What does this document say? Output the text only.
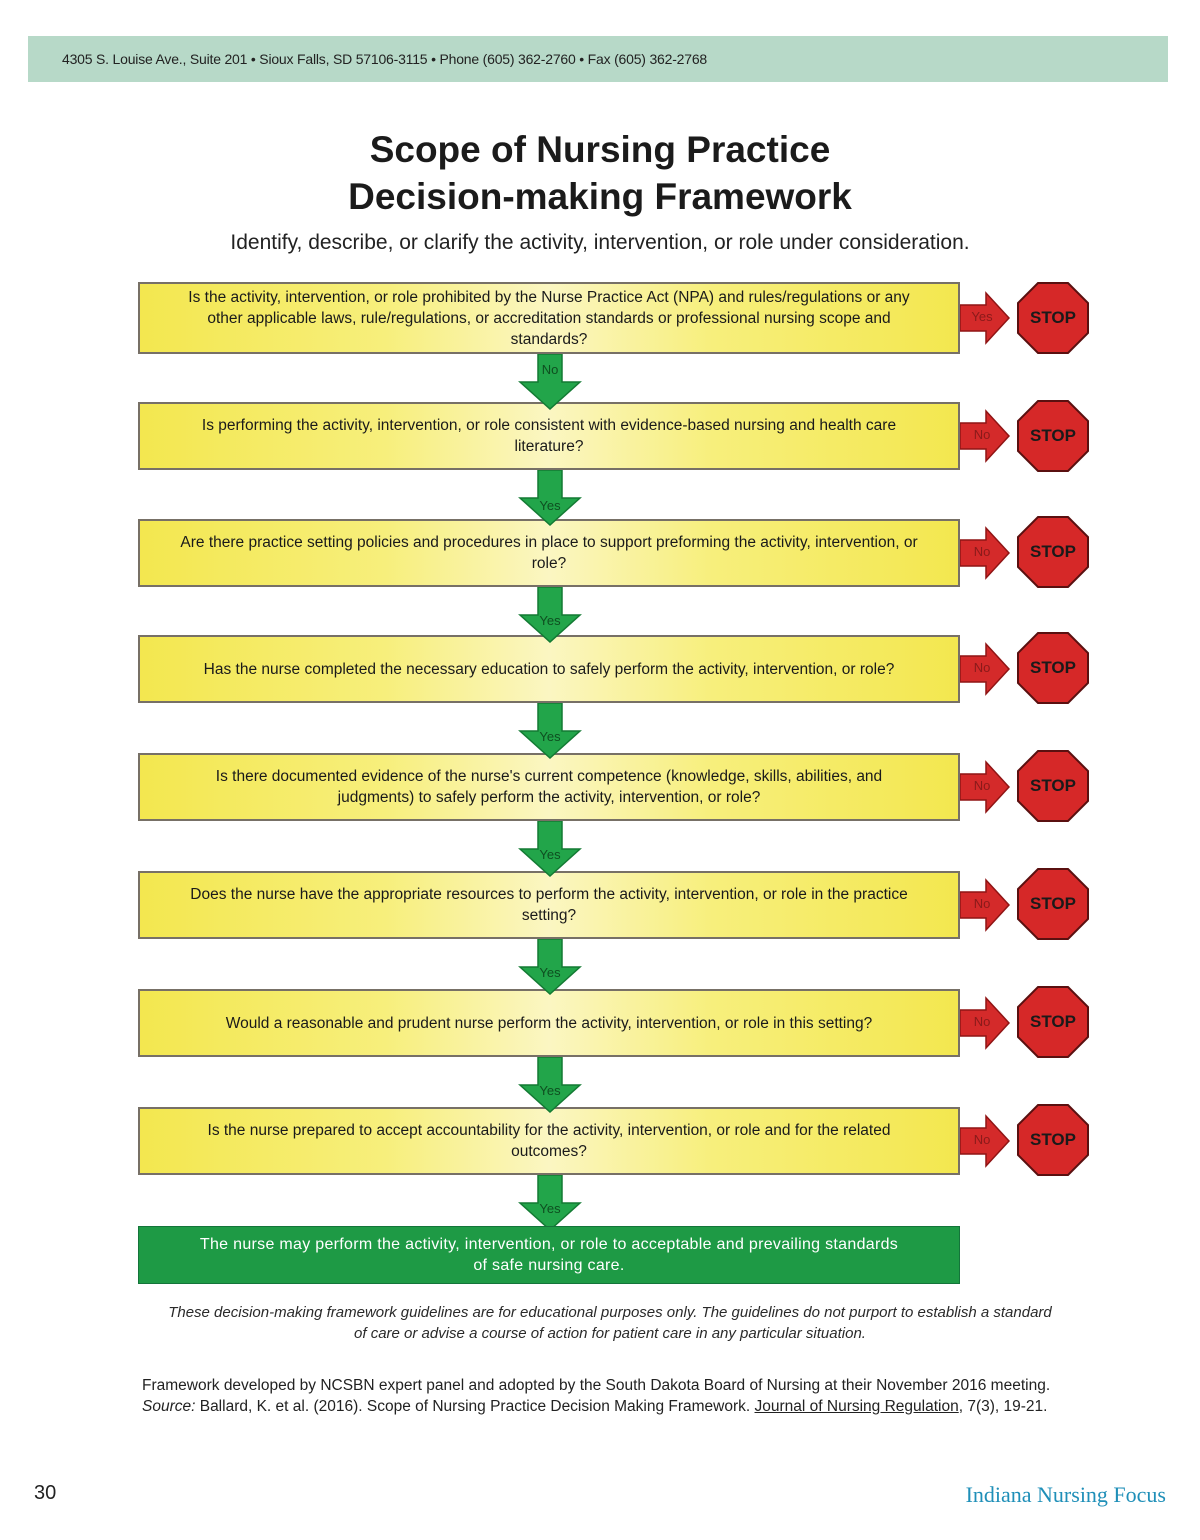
4305 S. Louise Ave., Suite 201 • Sioux Falls, SD 57106-3115 • Phone (605) 362-2760 • Fax (605) 362-2768
Scope of Nursing Practice
Decision-making Framework
Identify, describe, or clarify the activity, intervention, or role under consideration.
Is the activity, intervention, or role prohibited by the Nurse Practice Act (NPA) and rules/regulations or any other applicable laws, rule/regulations, or accreditation standards or professional nursing scope and standards?
Is performing the activity, intervention, or role consistent with evidence-based nursing and health care literature?
Are there practice setting policies and procedures in place to support preforming the activity, intervention, or role?
Has the nurse completed the necessary education to safely perform the activity, intervention, or role?
Is there documented evidence of the nurse's current competence (knowledge, skills, abilities, and judgments) to safely perform the activity, intervention, or role?
Does the nurse have the appropriate resources to perform the activity, intervention, or role in the practice setting?
Would a reasonable and prudent nurse perform the activity, intervention, or role in this setting?
Is the nurse prepared to accept accountability for the activity, intervention, or role and for the related outcomes?
No
Yes
Yes
Yes
Yes
Yes
Yes
Yes
Yes
No
No
No
No
No
No
No
STOP
STOP
STOP
STOP
STOP
STOP
STOP
STOP
The nurse may perform the activity, intervention, or role to acceptable and prevailing standards of safe nursing care.
These decision-making framework guidelines are for educational purposes only. The guidelines do not purport to establish a standard of care or advise a course of action for patient care in any particular situation.
Framework developed by NCSBN expert panel and adopted by the South Dakota Board of Nursing at their November 2016 meeting. Source: Ballard, K. et al. (2016). Scope of Nursing Practice Decision Making Framework. Journal of Nursing Regulation, 7(3), 19-21.
30	Indiana Nursing Focus
